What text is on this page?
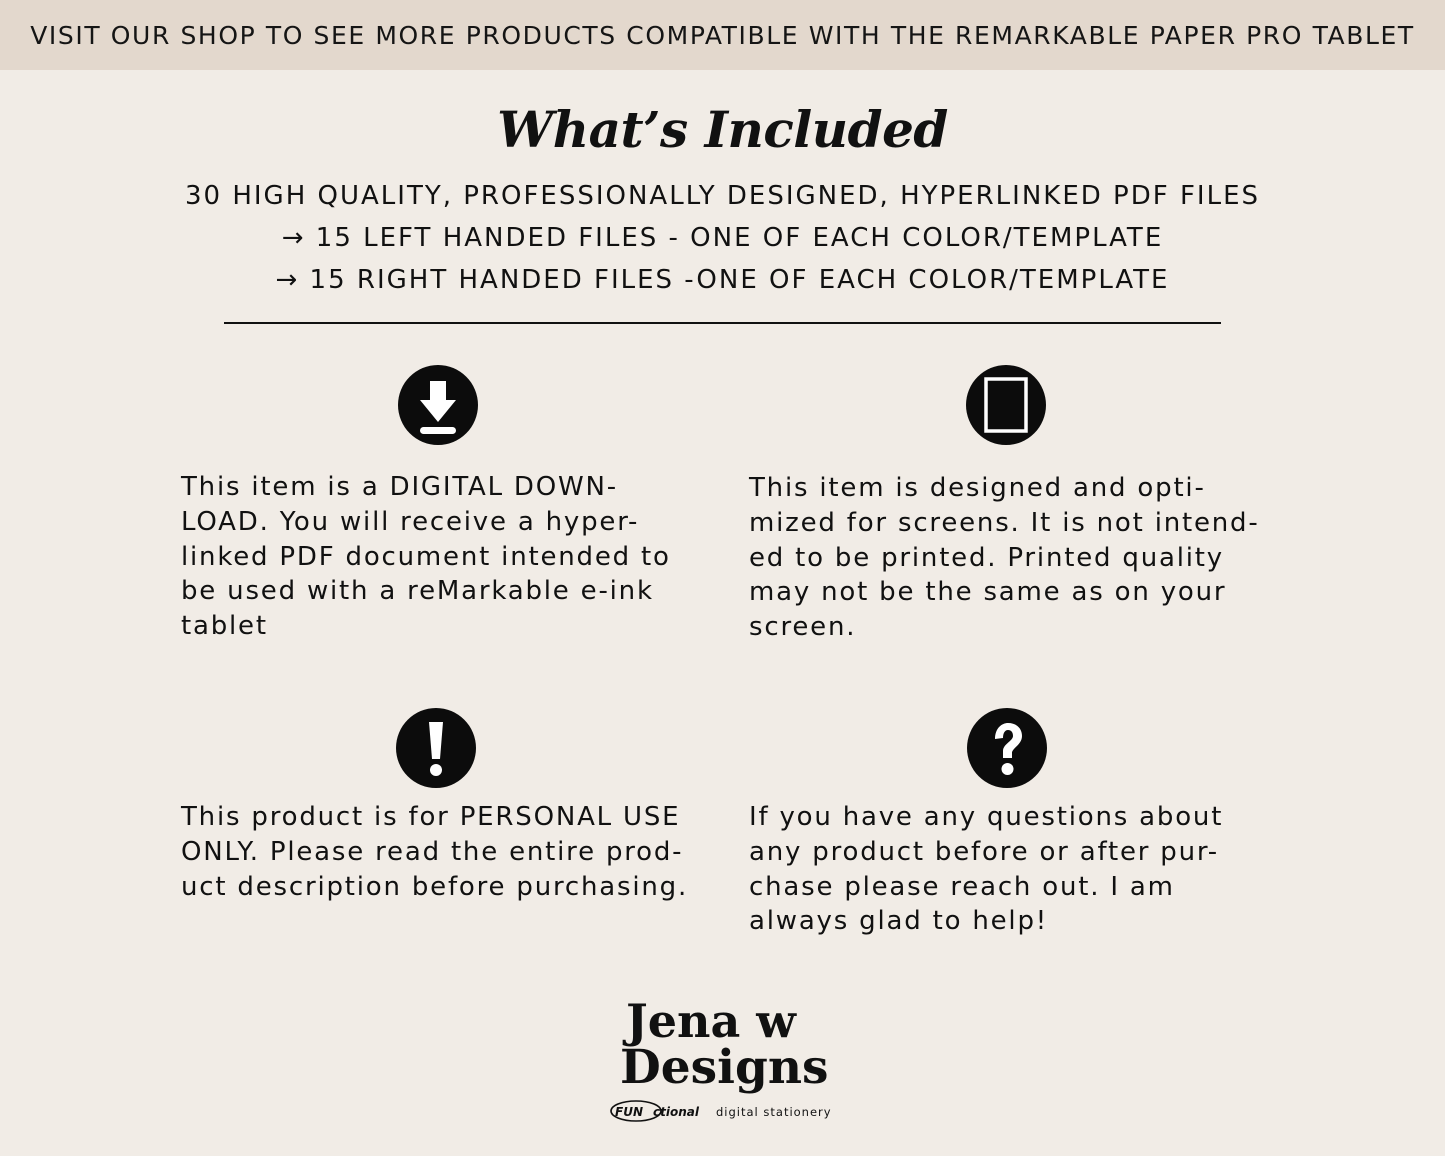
VISIT OUR SHOP TO SEE MORE PRODUCTS COMPATIBLE WITH THE REMARKABLE PAPER PRO TABLET
What’s Included
30 HIGH QUALITY, PROFESSIONALLY DESIGNED, HYPERLINKED PDF FILES
→ 15 LEFT HANDED FILES - ONE OF EACH COLOR/TEMPLATE
→ 15 RIGHT HANDED FILES -ONE OF EACH COLOR/TEMPLATE
This item is a DIGITAL DOWN-
LOAD. You will receive a hyper-
linked PDF document intended to
be used with a reMarkable e-ink
tablet
This item is designed and opti-
mized for screens. It is not intend-
ed to be printed. Printed quality
may not be the same as on your
screen.
This product is for PERSONAL USE
ONLY. Please read the entire prod-
uct description before purchasing.
If you have any questions about
any product before or after pur-
chase please reach out. I am
always glad to help!
Jena w
Designs
FUN ctional digital stationery
